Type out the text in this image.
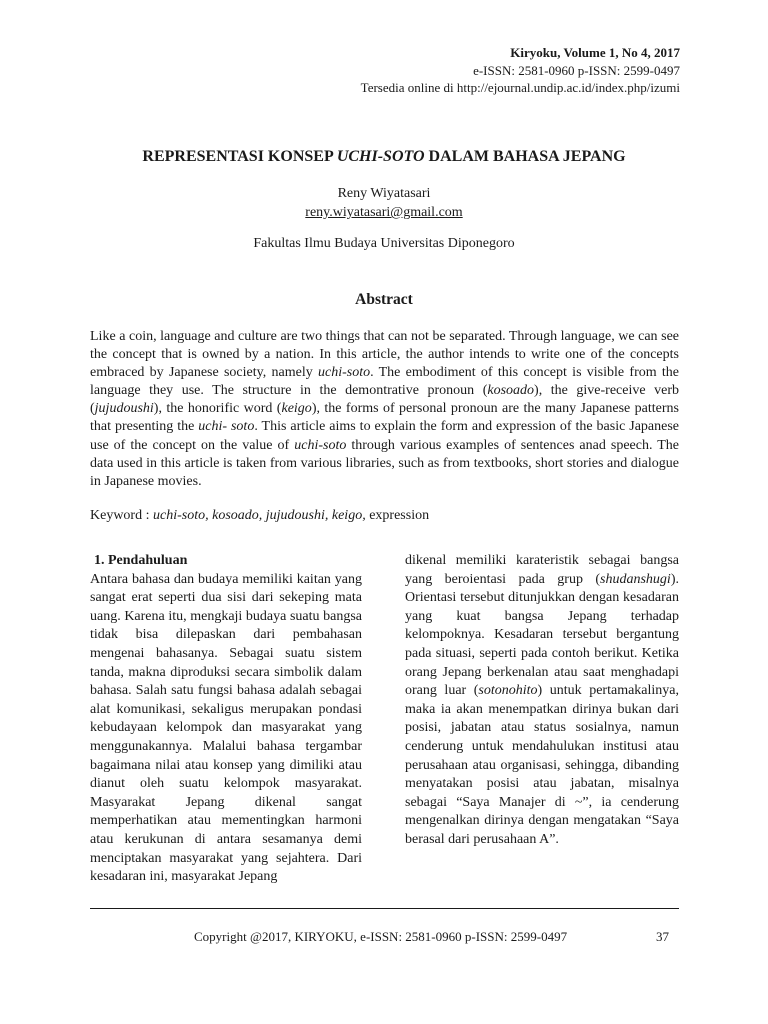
Kiryoku, Volume 1, No 4, 2017
e-ISSN: 2581-0960 p-ISSN: 2599-0497
Tersedia online di http://ejournal.undip.ac.id/index.php/izumi
REPRESENTASI KONSEP UCHI-SOTO DALAM BAHASA JEPANG
Reny Wiyatasari
reny.wiyatasari@gmail.com
Fakultas Ilmu Budaya Universitas Diponegoro
Abstract
Like a coin, language and culture are two things that can not be separated. Through language, we can see the concept that is owned by a nation. In this article, the author intends to write one of the concepts embraced by Japanese society, namely uchi-soto. The embodiment of this concept is visible from the language they use. The structure in the demontrative pronoun (kosoado), the give-receive verb (jujudoushi), the honorific word (keigo), the forms of personal pronoun are the many Japanese patterns that presenting the uchi- soto. This article aims to explain the form and expression of the basic Japanese use of the concept on the value of uchi-soto through various examples of sentences anad speech. The data used in this article is taken from various libraries, such as from textbooks, short stories and dialogue in Japanese movies.
Keyword : uchi-soto, kosoado, jujudoushi, keigo, expression
1. Pendahuluan
Antara bahasa dan budaya memiliki kaitan yang sangat erat seperti dua sisi dari sekeping mata uang. Karena itu, mengkaji budaya suatu bangsa tidak bisa dilepaskan dari pembahasan mengenai bahasanya. Sebagai suatu sistem tanda, makna diproduksi secara simbolik dalam bahasa. Salah satu fungsi bahasa adalah sebagai alat komunikasi, sekaligus merupakan pondasi kebudayaan kelompok dan masyarakat yang menggunakannya. Malalui bahasa tergambar bagaimana nilai atau konsep yang dimiliki atau dianut oleh suatu kelompok masyarakat. Masyarakat Jepang dikenal sangat memperhatikan atau mementingkan harmoni atau kerukunan di antara sesamanya demi menciptakan masyarakat yang sejahtera. Dari kesadaran ini, masyarakat Jepang
dikenal memiliki karateristik sebagai bangsa yang beroientasi pada grup (shudanshugi). Orientasi tersebut ditunjukkan dengan kesadaran yang kuat bangsa Jepang terhadap kelompoknya. Kesadaran tersebut bergantung pada situasi, seperti pada contoh berikut. Ketika orang Jepang berkenalan atau saat menghadapi orang luar (sotonohito) untuk pertamakalinya, maka ia akan menempatkan dirinya bukan dari posisi, jabatan atau status sosialnya, namun cenderung untuk mendahulukan institusi atau perusahaan atau organisasi, sehingga, dibanding menyatakan posisi atau jabatan, misalnya sebagai “Saya Manajer di ~”, ia cenderung mengenalkan dirinya dengan mengatakan “Saya berasal dari perusahaan A”.
Copyright @2017, KIRYOKU, e-ISSN: 2581-0960 p-ISSN: 2599-0497	37
